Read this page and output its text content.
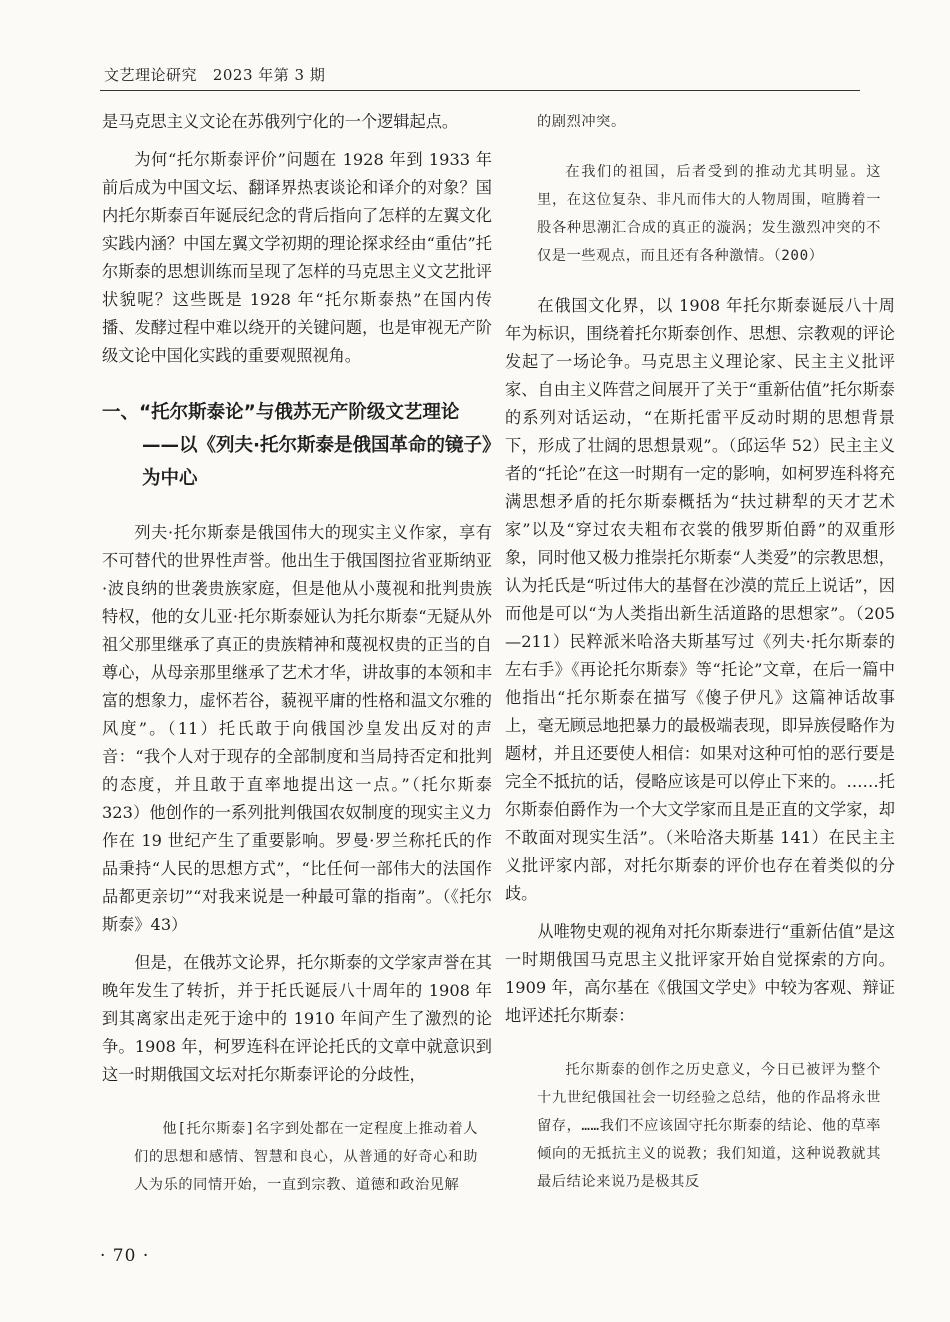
文艺理论研究 2023 年第 3 期

是马克思主义文论在苏俄列宁化的一个逻辑起点。

为何“托尔斯泰评价”问题在 1928 年到 1933 年前后成为中国文坛、翻译界热衷谈论和译介的对象？国内托尔斯泰百年诞辰纪念的背后指向了怎样的左翼文化实践内涵？中国左翼文学初期的理论探求经由“重估”托尔斯泰的思想训练而呈现了怎样的马克思主义文艺批评状貌呢？这些既是 1928 年“托尔斯泰热”在国内传播、发酵过程中难以绕开的关键问题，也是审视无产阶级文论中国化实践的重要观照视角。

一、“托尔斯泰论”与俄苏无产阶级文艺理论——以《列夫·托尔斯泰是俄国革命的镜子》为中心

列夫·托尔斯泰是俄国伟大的现实主义作家，享有不可替代的世界性声誉。他出生于俄国图拉省亚斯纳亚·波良纳的世袭贵族家庭，但是他从小蔑视和批判贵族特权，他的女儿亚·托尔斯泰娅认为托尔斯泰“无疑从外祖父那里继承了真正的贵族精神和蔑视权贵的正当的自尊心，从母亲那里继承了艺术才华，讲故事的本领和丰富的想象力，虚怀若谷，藐视平庸的性格和温文尔雅的风度”。（11）托氏敢于向俄国沙皇发出反对的声音：“我个人对于现存的全部制度和当局持否定和批判的态度，并且敢于直率地提出这一点。”（托尔斯泰 323）他创作的一系列批判俄国农奴制度的现实主义力作在 19 世纪产生了重要影响。罗曼·罗兰称托氏的作品秉持“人民的思想方式”，“比任何一部伟大的法国作品都更亲切”“对我来说是一种最可靠的指南”。（《托尔斯泰》43）

但是，在俄苏文论界，托尔斯泰的文学家声誉在其晚年发生了转折，并于托氏诞辰八十周年的 1908 年到其离家出走死于途中的 1910 年间产生了激烈的论争。1908 年，柯罗连科在评论托氏的文章中就意识到这一时期俄国文坛对托尔斯泰评论的分歧性，

他[托尔斯泰]名字到处都在一定程度上推动着人们的思想和感情、智慧和良心，从普通的好奇心和助人为乐的同情开始，一直到宗教、道德和政治见解

的剧烈冲突。

在我们的祖国，后者受到的推动尤其明显。这里，在这位复杂、非凡而伟大的人物周围，喧腾着一股各种思潮汇合成的真正的漩涡；发生激烈冲突的不仅是一些观点，而且还有各种激情。（200）

在俄国文化界，以 1908 年托尔斯泰诞辰八十周年为标识，围绕着托尔斯泰创作、思想、宗教观的评论发起了一场论争。马克思主义理论家、民主主义批评家、自由主义阵营之间展开了关于“重新估值”托尔斯泰的系列对话运动，“在斯托雷平反动时期的思想背景下，形成了壮阔的思想景观”。（邱运华 52）民主主义者的“托论”在这一时期有一定的影响，如柯罗连科将充满思想矛盾的托尔斯泰概括为“扶过耕犁的天才艺术家”以及“穿过农夫粗布衣裳的俄罗斯伯爵”的双重形象，同时他又极力推崇托尔斯泰“人类爱”的宗教思想，认为托氏是“听过伟大的基督在沙漠的荒丘上说话”，因而他是可以“为人类指出新生活道路的思想家”。（205—211）民粹派米哈洛夫斯基写过《列夫·托尔斯泰的左右手》《再论托尔斯泰》等“托论”文章，在后一篇中他指出“托尔斯泰在描写《傻子伊凡》这篇神话故事上，毫无顾忌地把暴力的最极端表现，即异族侵略作为题材，并且还要使人相信：如果对这种可怕的恶行要是完全不抵抗的话，侵略应该是可以停止下来的。……托尔斯泰伯爵作为一个大文学家而且是正直的文学家，却不敢面对现实生活”。（米哈洛夫斯基 141）在民主主义批评家内部，对托尔斯泰的评价也存在着类似的分歧。

从唯物史观的视角对托尔斯泰进行“重新估值”是这一时期俄国马克思主义批评家开始自觉探索的方向。1909 年，高尔基在《俄国文学史》中较为客观、辩证地评述托尔斯泰：

托尔斯泰的创作之历史意义，今日已被评为整个十九世纪俄国社会一切经验之总结，他的作品将永世留存，……我们不应该固守托尔斯泰的结论、他的草率倾向的无抵抗主义的说教；我们知道，这种说教就其最后结论来说乃是极其反

· 70 ·
